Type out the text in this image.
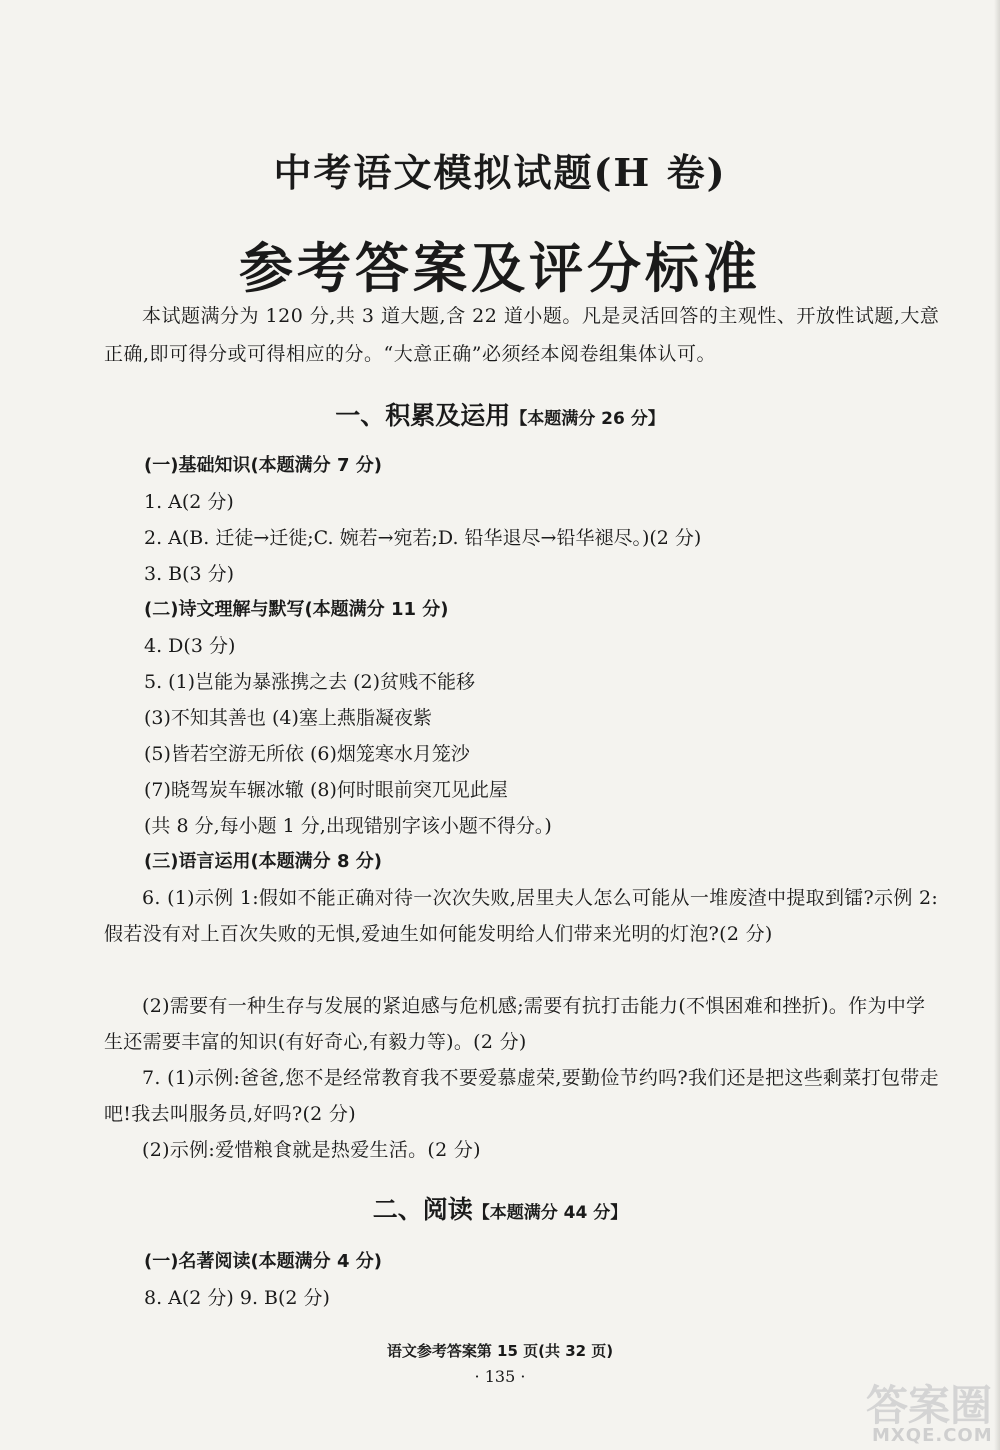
中考语文模拟试题(H 卷)
参考答案及评分标准

本试题满分为 120 分,共 3 道大题,含 22 道小题。凡是灵活回答的主观性、开放性试题,大意正确,即可得分或可得相应的分。“大意正确”必须经本阅卷组集体认可。

一、积累及运用【本题满分 26 分】
(一)基础知识(本题满分 7 分)
1. A(2 分)
2. A(B. 迁徒→迁徙;C. 婉若→宛若;D. 铅华退尽→铅华褪尽。)(2 分)
3. B(3 分)
(二)诗文理解与默写(本题满分 11 分)
4. D(3 分)
5. (1)岂能为暴涨携之去 (2)贫贱不能移
(3)不知其善也 (4)塞上燕脂凝夜紫
(5)皆若空游无所依 (6)烟笼寒水月笼沙
(7)晓驾炭车辗冰辙 (8)何时眼前突兀见此屋
(共 8 分,每小题 1 分,出现错别字该小题不得分。)
(三)语言运用(本题满分 8 分)

6. (1)示例 1:假如不能正确对待一次次失败,居里夫人怎么可能从一堆废渣中提取到镭?示例 2:假若没有对上百次失败的无惧,爱迪生如何能发明给人们带来光明的灯泡?(2 分)

(2)需要有一种生存与发展的紧迫感与危机感;需要有抗打击能力(不惧困难和挫折)。作为中学生还需要丰富的知识(有好奇心,有毅力等)。(2 分)

7. (1)示例:爸爸,您不是经常教育我不要爱慕虚荣,要勤俭节约吗?我们还是把这些剩菜打包带走吧!我去叫服务员,好吗?(2 分)

(2)示例:爱惜粮食就是热爱生活。(2 分)

二、阅读【本题满分 44 分】
(一)名著阅读(本题满分 4 分)
8. A(2 分) 9. B(2 分)
语文参考答案第 15 页(共 32 页)
· 135 ·
答案圈
MXQE.COM
